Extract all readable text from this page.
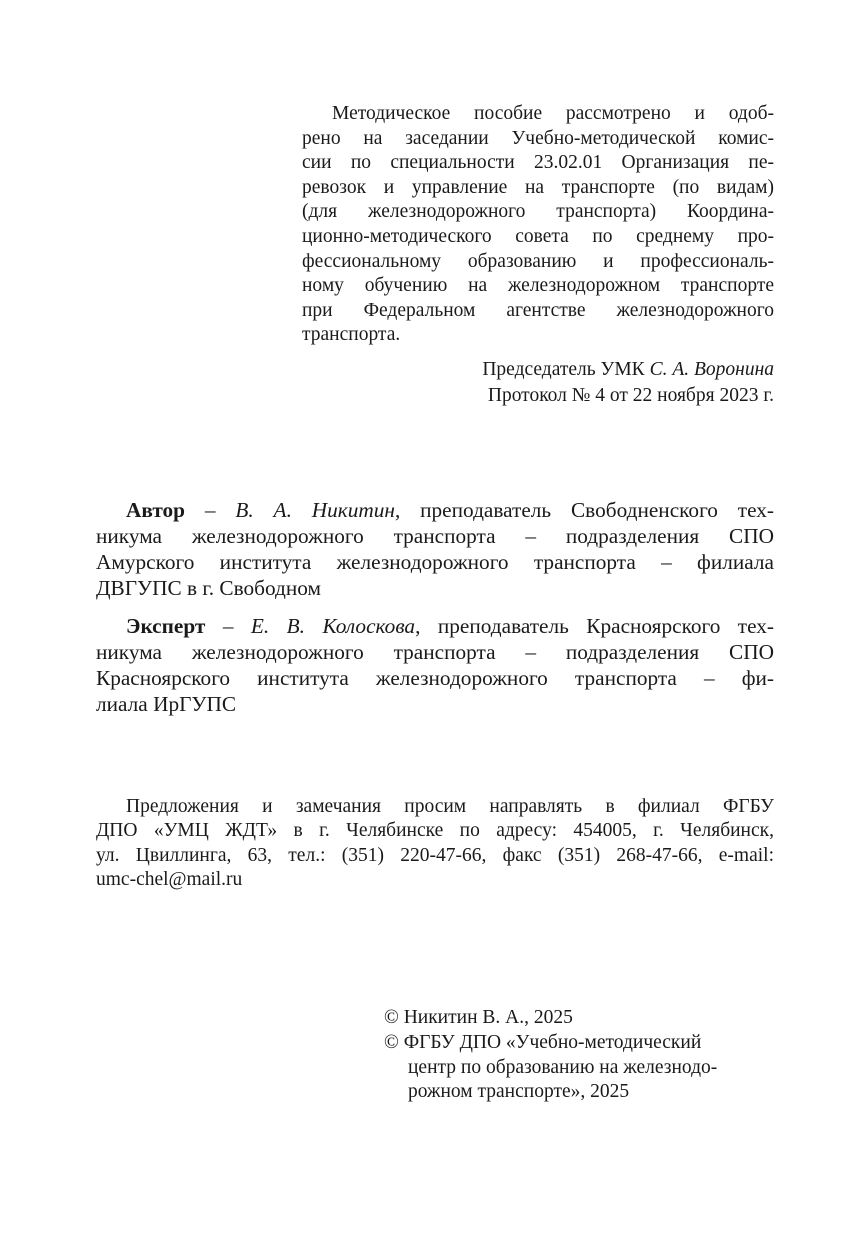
Методическое пособие рассмотрено и одоб-
рено на заседании Учебно-методической комис-
сии по специальности 23.02.01 Организация пе-
ревозок и управление на транспорте (по видам)
(для железнодорожного транспорта) Координа-
ционно-методического совета по среднему про-
фессиональному образованию и профессиональ-
ному обучению на железнодорожном транспорте
при Федеральном агентстве железнодорожного
транспорта.
Председатель УМК С. А. Воронина
Протокол № 4 от 22 ноября 2023 г.
Автор – В. А. Никитин, преподаватель Свободненского тех-
никума железнодорожного транспорта – подразделения СПО
Амурского института железнодорожного транспорта – филиала
ДВГУПС в г. Свободном
Эксперт – Е. В. Колоскова, преподаватель Красноярского тех-
никума железнодорожного транспорта – подразделения СПО
Красноярского института железнодорожного транспорта – фи-
лиала ИрГУПС
Предложения и замечания просим направлять в филиал ФГБУ
ДПО «УМЦ ЖДТ» в г. Челябинске по адресу: 454005, г. Челябинск,
ул. Цвиллинга, 63, тел.: (351) 220-47-66, факс (351) 268-47-66, e-mail:
umc-chel@mail.ru
© Никитин В. А., 2025
© ФГБУ ДПО «Учебно-методический
центр по образованию на железнодо-
рожном транспорте», 2025
